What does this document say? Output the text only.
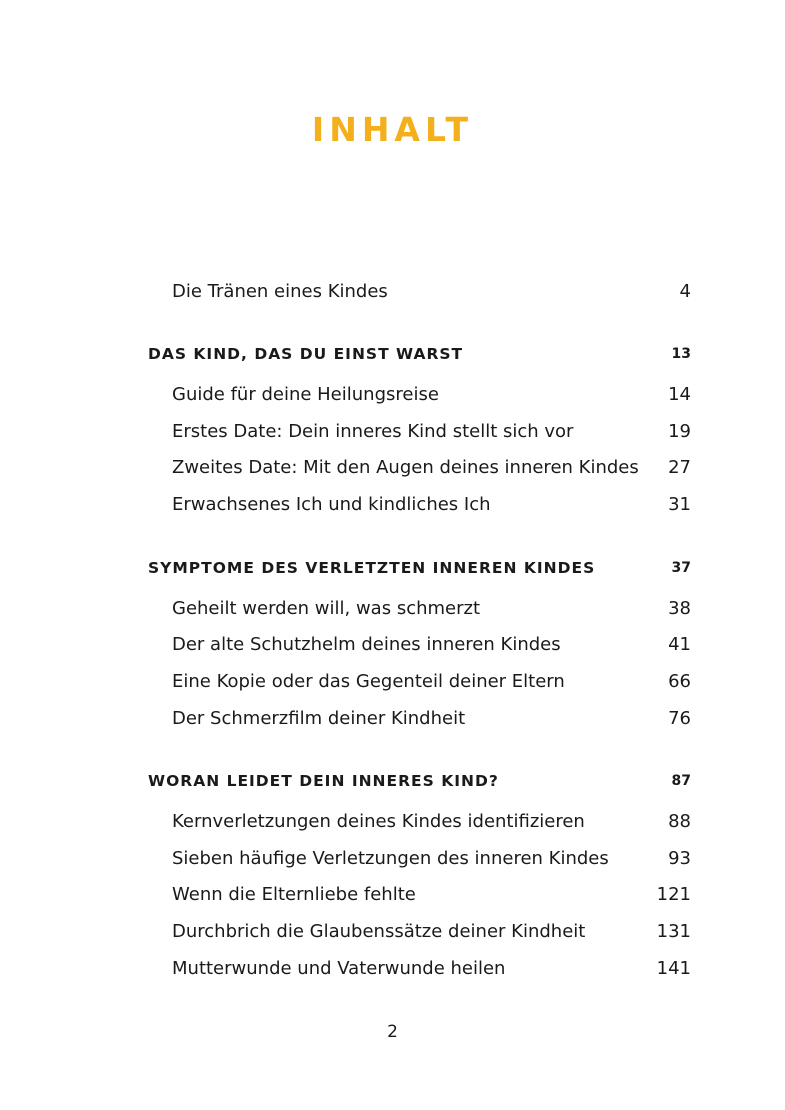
INHALT
Die Tränen eines Kindes	4
DAS KIND, DAS DU EINST WARST	13
Guide für deine Heilungsreise	14
Erstes Date: Dein inneres Kind stellt sich vor	19
Zweites Date: Mit den Augen deines inneren Kindes 27
Erwachsenes Ich und kindliches Ich	31
SYMPTOME DES VERLETZTEN INNEREN KINDES	37
Geheilt werden will, was schmerzt	38
Der alte Schutzhelm deines inneren Kindes	41
Eine Kopie oder das Gegenteil deiner Eltern	66
Der Schmerzfilm deiner Kindheit	76
WORAN LEIDET DEIN INNERES KIND?	87
Kernverletzungen deines Kindes identifizieren	88
Sieben häufige Verletzungen des inneren Kindes	93
Wenn die Elternliebe fehlte	121
Durchbrich die Glaubenssätze deiner Kindheit	131
Mutterwunde und Vaterwunde heilen	141
2
